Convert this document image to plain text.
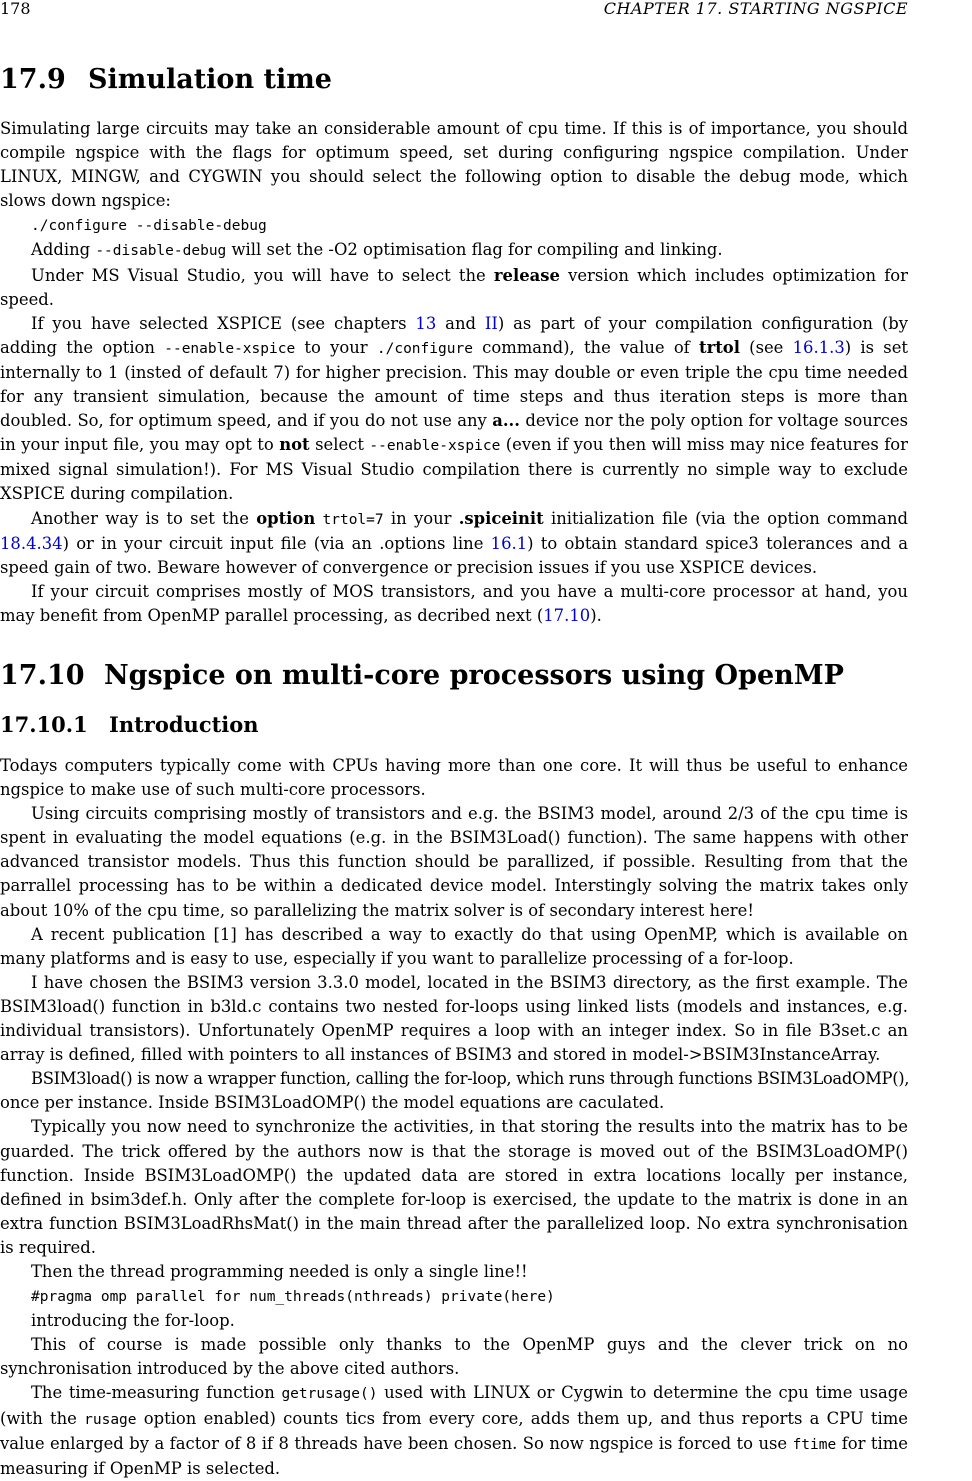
178	CHAPTER 17. STARTING NGSPICE
17.9 Simulation time

Simulating large circuits may take an considerable amount of cpu time. If this is of importance, you should compile ngspice with the flags for optimum speed, set during configuring ngspice compilation. Under LINUX, MINGW, and CYGWIN you should select the following option to disable the debug mode, which slows down ngspice:

./configure --disable-debug

Adding --disable-debug will set the -O2 optimisation flag for compiling and linking.

Under MS Visual Studio, you will have to select the release version which includes optimization for speed.

If you have selected XSPICE (see chapters 13 and II) as part of your compilation configuration (by adding the option --enable-xspice to your ./configure command), the value of trtol (see 16.1.3) is set internally to 1 (insted of default 7) for higher precision. This may double or even triple the cpu time needed for any transient simulation, because the amount of time steps and thus iteration steps is more than doubled. So, for optimum speed, and if you do not use any a... device nor the poly option for voltage sources in your input file, you may opt to not select --enable-xspice (even if you then will miss may nice features for mixed signal simulation!). For MS Visual Studio compilation there is currently no simple way to exclude XSPICE during compilation.

Another way is to set the option trtol=7 in your .spiceinit initialization file (via the option command 18.4.34) or in your circuit input file (via an .options line 16.1) to obtain standard spice3 tolerances and a speed gain of two. Beware however of convergence or precision issues if you use XSPICE devices.

If your circuit comprises mostly of MOS transistors, and you have a multi-core processor at hand, you may benefit from OpenMP parallel processing, as decribed next (17.10).

17.10 Ngspice on multi-core processors using OpenMP
17.10.1 Introduction

Todays computers typically come with CPUs having more than one core. It will thus be useful to enhance ngspice to make use of such multi-core processors.

Using circuits comprising mostly of transistors and e.g. the BSIM3 model, around 2/3 of the cpu time is spent in evaluating the model equations (e.g. in the BSIM3Load() function). The same happens with other advanced transistor models. Thus this function should be parallized, if possible. Resulting from that the parrallel processing has to be within a dedicated device model. Interstingly solving the matrix takes only about 10% of the cpu time, so parallelizing the matrix solver is of secondary interest here!

A recent publication [1] has described a way to exactly do that using OpenMP, which is available on many platforms and is easy to use, especially if you want to parallelize processing of a for-loop.

I have chosen the BSIM3 version 3.3.0 model, located in the BSIM3 directory, as the first example. The BSIM3load() function in b3ld.c contains two nested for-loops using linked lists (models and instances, e.g. individual transistors). Unfortunately OpenMP requires a loop with an integer index. So in file B3set.c an array is defined, filled with pointers to all instances of BSIM3 and stored in model->BSIM3InstanceArray.

BSIM3load() is now a wrapper function, calling the for-loop, which runs through functions BSIM3LoadOMP(),

once per instance. Inside BSIM3LoadOMP() the model equations are caculated.

Typically you now need to synchronize the activities, in that storing the results into the matrix has to be guarded. The trick offered by the authors now is that the storage is moved out of the BSIM3LoadOMP() function. Inside BSIM3LoadOMP() the updated data are stored in extra locations locally per instance, defined in bsim3def.h. Only after the complete for-loop is exercised, the update to the matrix is done in an extra function BSIM3LoadRhsMat() in the main thread after the parallelized loop. No extra synchronisation is required.

Then the thread programming needed is only a single line!!

#pragma omp parallel for num_threads(nthreads) private(here)

introducing the for-loop.

This of course is made possible only thanks to the OpenMP guys and the clever trick on no synchronisation introduced by the above cited authors.

The time-measuring function getrusage() used with LINUX or Cygwin to determine the cpu time usage (with the rusage option enabled) counts tics from every core, adds them up, and thus reports a CPU time value enlarged by a factor of 8 if 8 threads have been chosen. So now ngspice is forced to use ftime for time measuring if OpenMP is selected.
